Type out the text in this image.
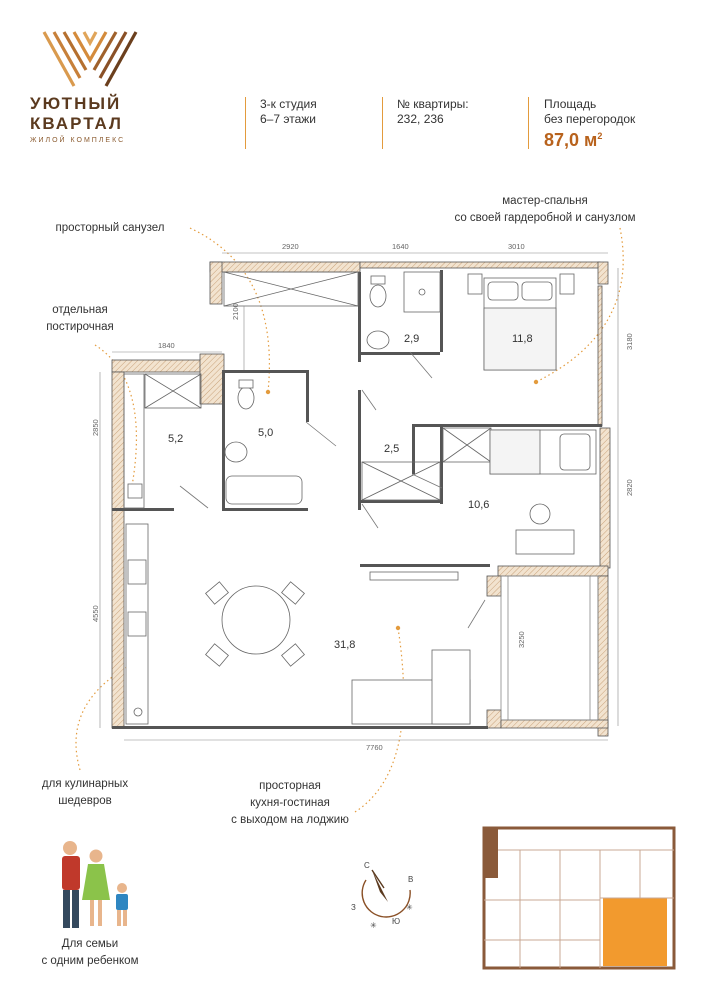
УЮТНЫЙ
КВАРТАЛ
ЖИЛОЙ КОМПЛЕКС
3-к студия
6–7 этажи
№ квартиры:
232, 236
Площадь
без перегородок
87,0 $м^2$
просторный санузел
отдельная
постирочная
мастер-спальня
со своей гардеробной и санузлом
для кулинарных
шедевров
просторная
кухня-гостиная
с выходом на лоджию
Для семьи
с одним ребенком
2920	1640	3010
1840
2100
2850
4550
7760
3180
2820
3250
2,9	11,8
5,2	5,0
2,5
10,6
31,8
С
В
З
Ю
✳
✳
